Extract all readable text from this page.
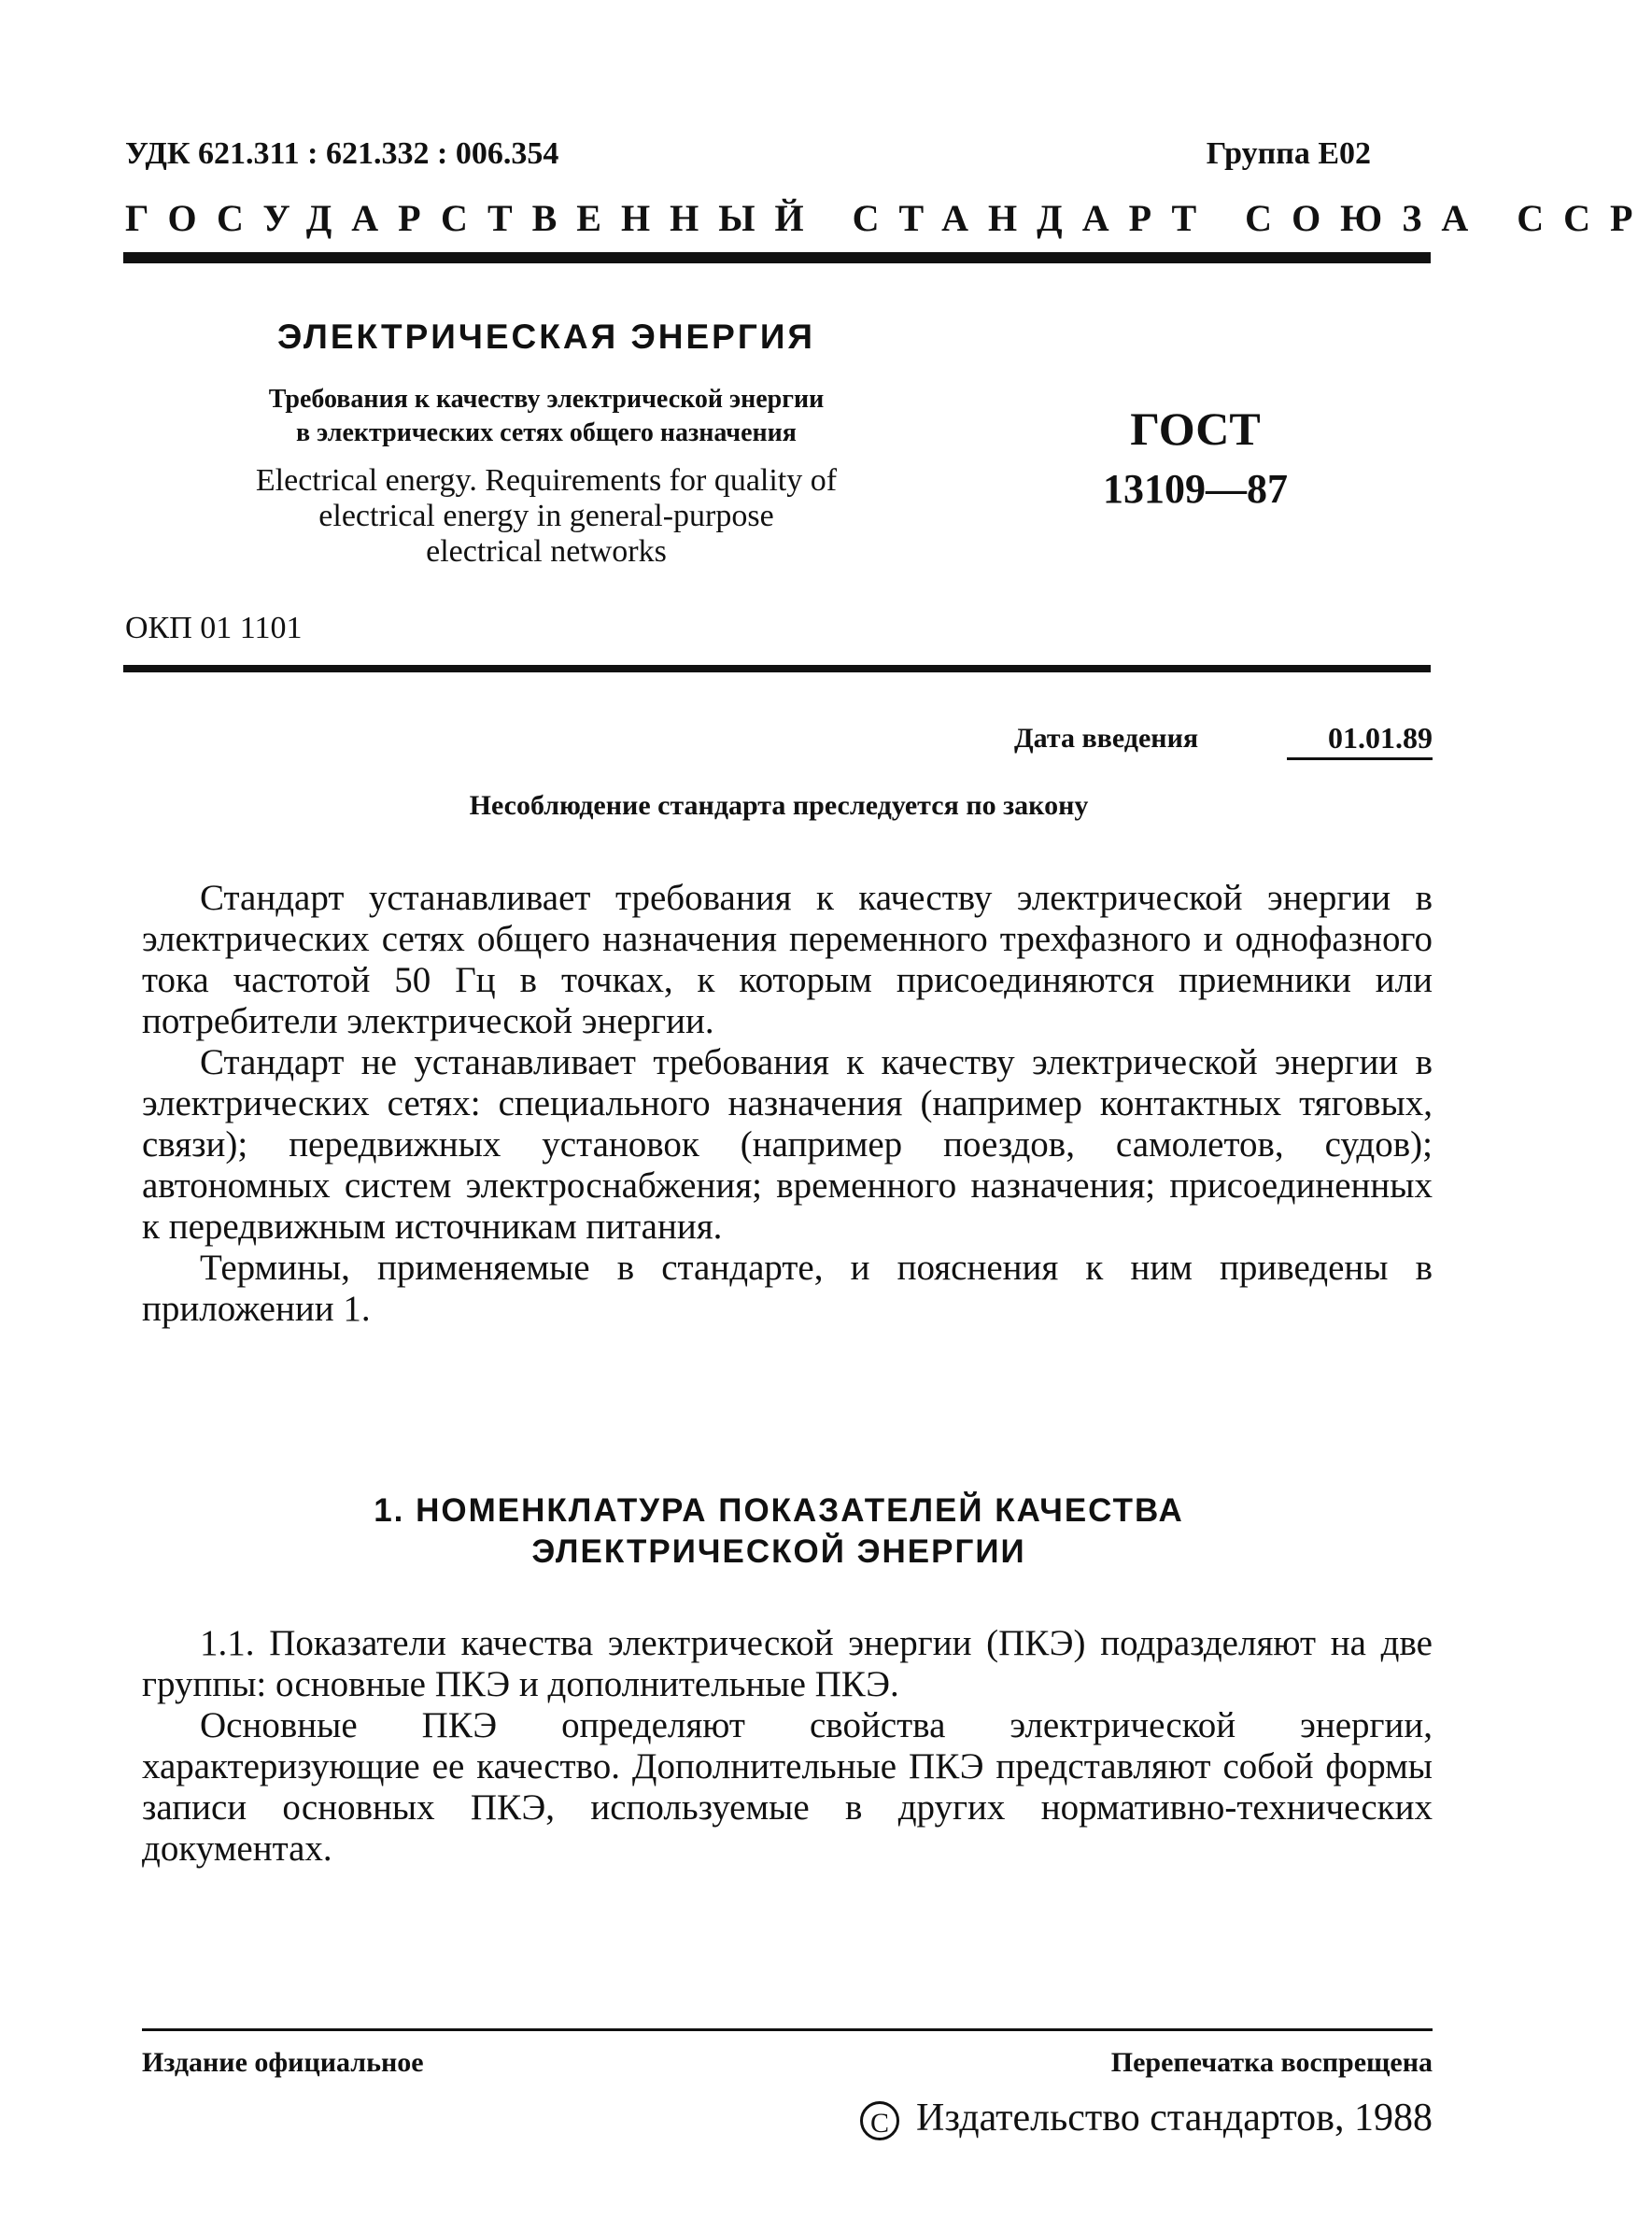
УДК 621.311 : 621.332 : 006.354	Группа Е02
ГОСУДАРСТВЕННЫЙ СТАНДАРТ СОЮЗА ССР
ЭЛЕКТРИЧЕСКАЯ ЭНЕРГИЯ
Требования к качеству электрической энергии
в электрических сетях общего назначения
Electrical energy. Requirements for quality of
electrical energy in general-purpose
electrical networks
ГОСТ
13109—87
ОКП 01 1101
Дата введения	01.01.89
Несоблюдение стандарта преследуется по закону

Стандарт устанавливает требования к качеству электрической энергии в электрических сетях общего назначения переменного трехфазного и однофазного тока частотой 50 Гц в точках, к которым присоединяются приемники или потребители электрической энергии.

Стандарт не устанавливает требования к качеству электрической энергии в электрических сетях: специального назначения (например контактных тяговых, связи); передвижных установок (например поездов, самолетов, судов); автономных систем электроснабжения; временного назначения; присоединенных к передвижным источникам питания.

Термины, применяемые в стандарте, и пояснения к ним приведены в приложении 1.

1. НОМЕНКЛАТУРА ПОКАЗАТЕЛЕЙ КАЧЕСТВА
ЭЛЕКТРИЧЕСКОЙ ЭНЕРГИИ

1.1. Показатели качества электрической энергии (ПКЭ) подразделяют на две группы: основные ПКЭ и дополнительные ПКЭ.

Основные ПКЭ определяют свойства электрической энергии, характеризующие ее качество. Дополнительные ПКЭ представляют собой формы записи основных ПКЭ, используемые в других нормативно-технических документах.

Издание официальное	Перепечатка воспрещена
C Издательство стандартов, 1988
